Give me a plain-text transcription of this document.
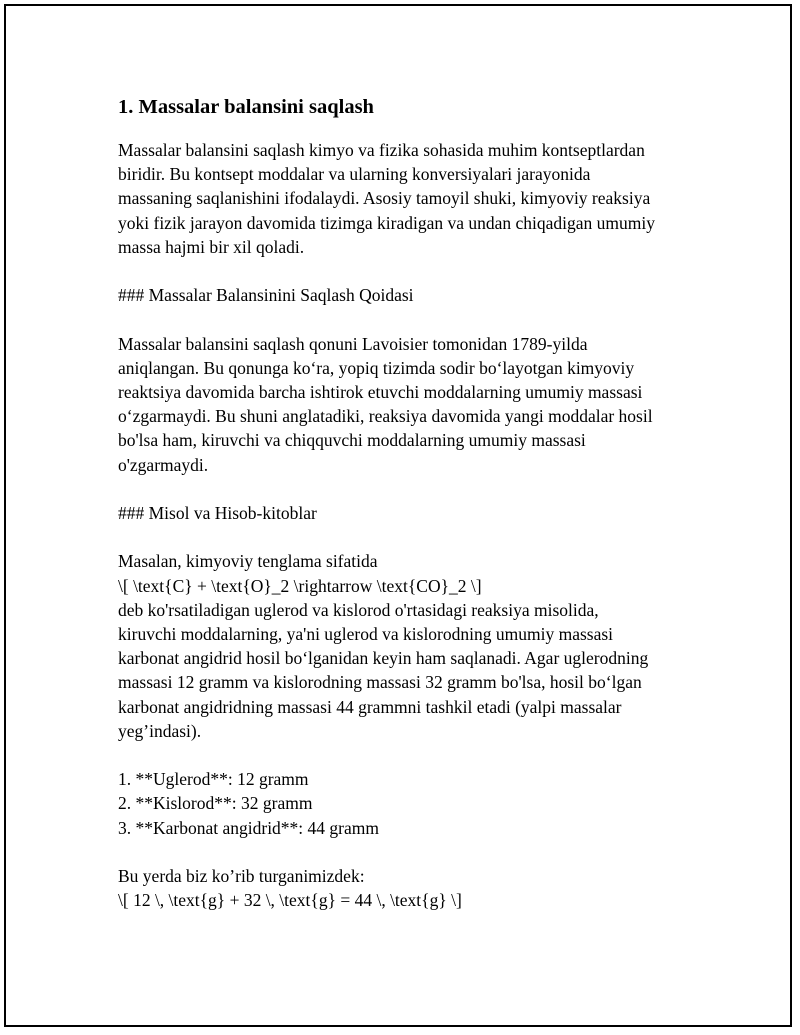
1. Massalar balansini saqlash

Massalar balansini saqlash kimyo va fizika sohasida muhim kontseptlardan

biridir. Bu kontsept moddalar va ularning konversiyalari jarayonida

massaning saqlanishini ifodalaydi. Asosiy tamoyil shuki, kimyoviy reaksiya

yoki fizik jarayon davomida tizimga kiradigan va undan chiqadigan umumiy

massa hajmi bir xil qoladi.

### Massalar Balansinini Saqlash Qoidasi

Massalar balansini saqlash qonuni Lavoisier tomonidan 1789-yilda

aniqlangan. Bu qonunga ko‘ra, yopiq tizimda sodir bo‘layotgan kimyoviy

reaktsiya davomida barcha ishtirok etuvchi moddalarning umumiy massasi

o‘zgarmaydi. Bu shuni anglatadiki, reaksiya davomida yangi moddalar hosil

bo'lsa ham, kiruvchi va chiqquvchi moddalarning umumiy massasi

o'zgarmaydi.

### Misol va Hisob-kitoblar

Masalan, kimyoviy tenglama sifatida

\[ \text{C} + \text{O}_2 \rightarrow \text{CO}_2 \]

deb ko'rsatiladigan uglerod va kislorod o'rtasidagi reaksiya misolida,

kiruvchi moddalarning, ya'ni uglerod va kislorodning umumiy massasi

karbonat angidrid hosil bo‘lganidan keyin ham saqlanadi. Agar uglerodning

massasi 12 gramm va kislorodning massasi 32 gramm bo'lsa, hosil bo‘lgan

karbonat angidridning massasi 44 grammni tashkil etadi (yalpi massalar

yeg’indasi).

1. **Uglerod**: 12 gramm

2. **Kislorod**: 32 gramm

3. **Karbonat angidrid**: 44 gramm

Bu yerda biz ko’rib turganimizdek:

\[ 12 \, \text{g} + 32 \, \text{g} = 44 \, \text{g} \]
